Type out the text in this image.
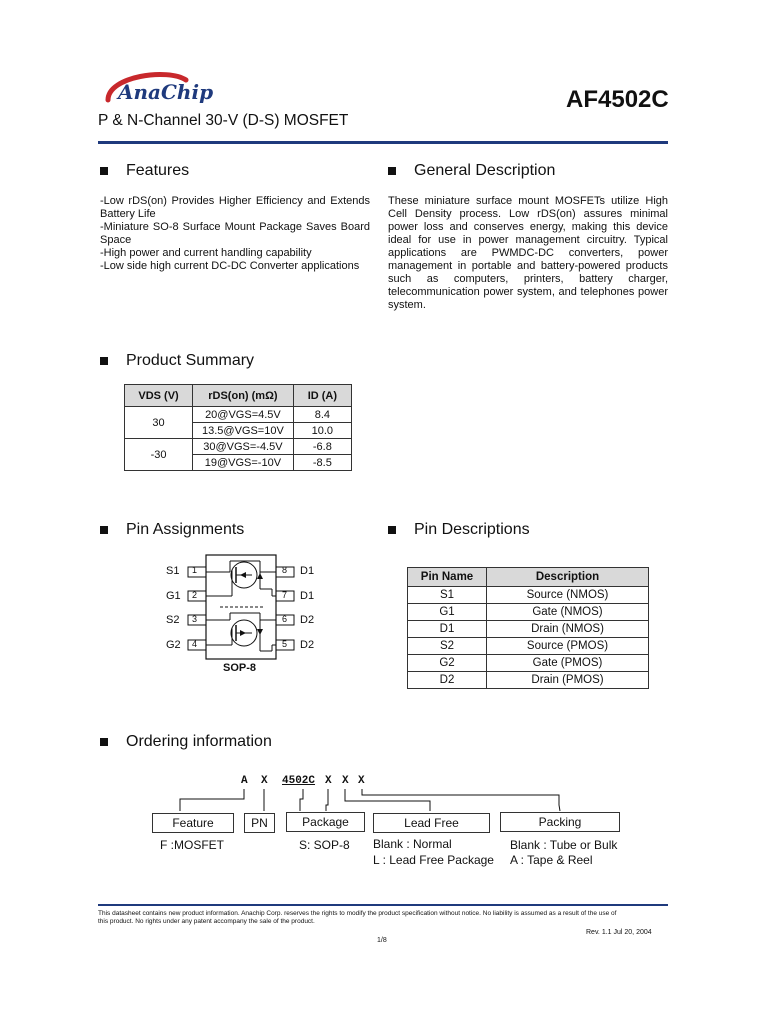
AnaChip	AF4502C
P & N-Channel 30-V (D-S) MOSFET
Features
-Low rDS(on) Provides Higher Efficiency and Extends Battery Life
-Miniature SO-8 Surface Mount Package Saves Board Space
-High power and current handling capability
-Low side high current DC-DC Converter applications
General Description
These miniature surface mount MOSFETs utilize High Cell Density process. Low rDS(on) assures minimal power loss and conserves energy, making this device ideal for use in power management circuitry. Typical applications are PWMDC-DC converters, power management in portable and battery-powered products such as computers, printers, battery charger, telecommunication power system, and telephones power system.
Product Summary
VDS (V)	rDS(on) (mΩ)	ID (A)
30	20@VGS=4.5V	8.4
	13.5@VGS=10V	10.0
-30	30@VGS=-4.5V	-6.8
	19@VGS=-10V	-8.5
Pin Assignments
S1 1
G1 2
S2 3
G2 4
8 D1
7 D1
6 D2
5 D2
SOP-8
Pin Descriptions
Pin Name	Description
S1	Source (NMOS)
G1	Gate (NMOS)
D1	Drain (NMOS)
S2	Source (PMOS)
G2	Gate (PMOS)
D2	Drain (PMOS)
Ordering information
A X 4502C X X X
Feature	PN	Package	Lead Free	Packing
F :MOSFET	S: SOP-8 Blank : Normal
L : Lead Free Package
Blank : Tube or Bulk
A : Tape & Reel
This datasheet contains new product information. Anachip Corp. reserves the rights to modify the product specification without notice. No liability is assumed as a result of the use of
this product. No rights under any patent accompany the sale of the product.
Rev. 1.1 Jul 20, 2004
1/8
